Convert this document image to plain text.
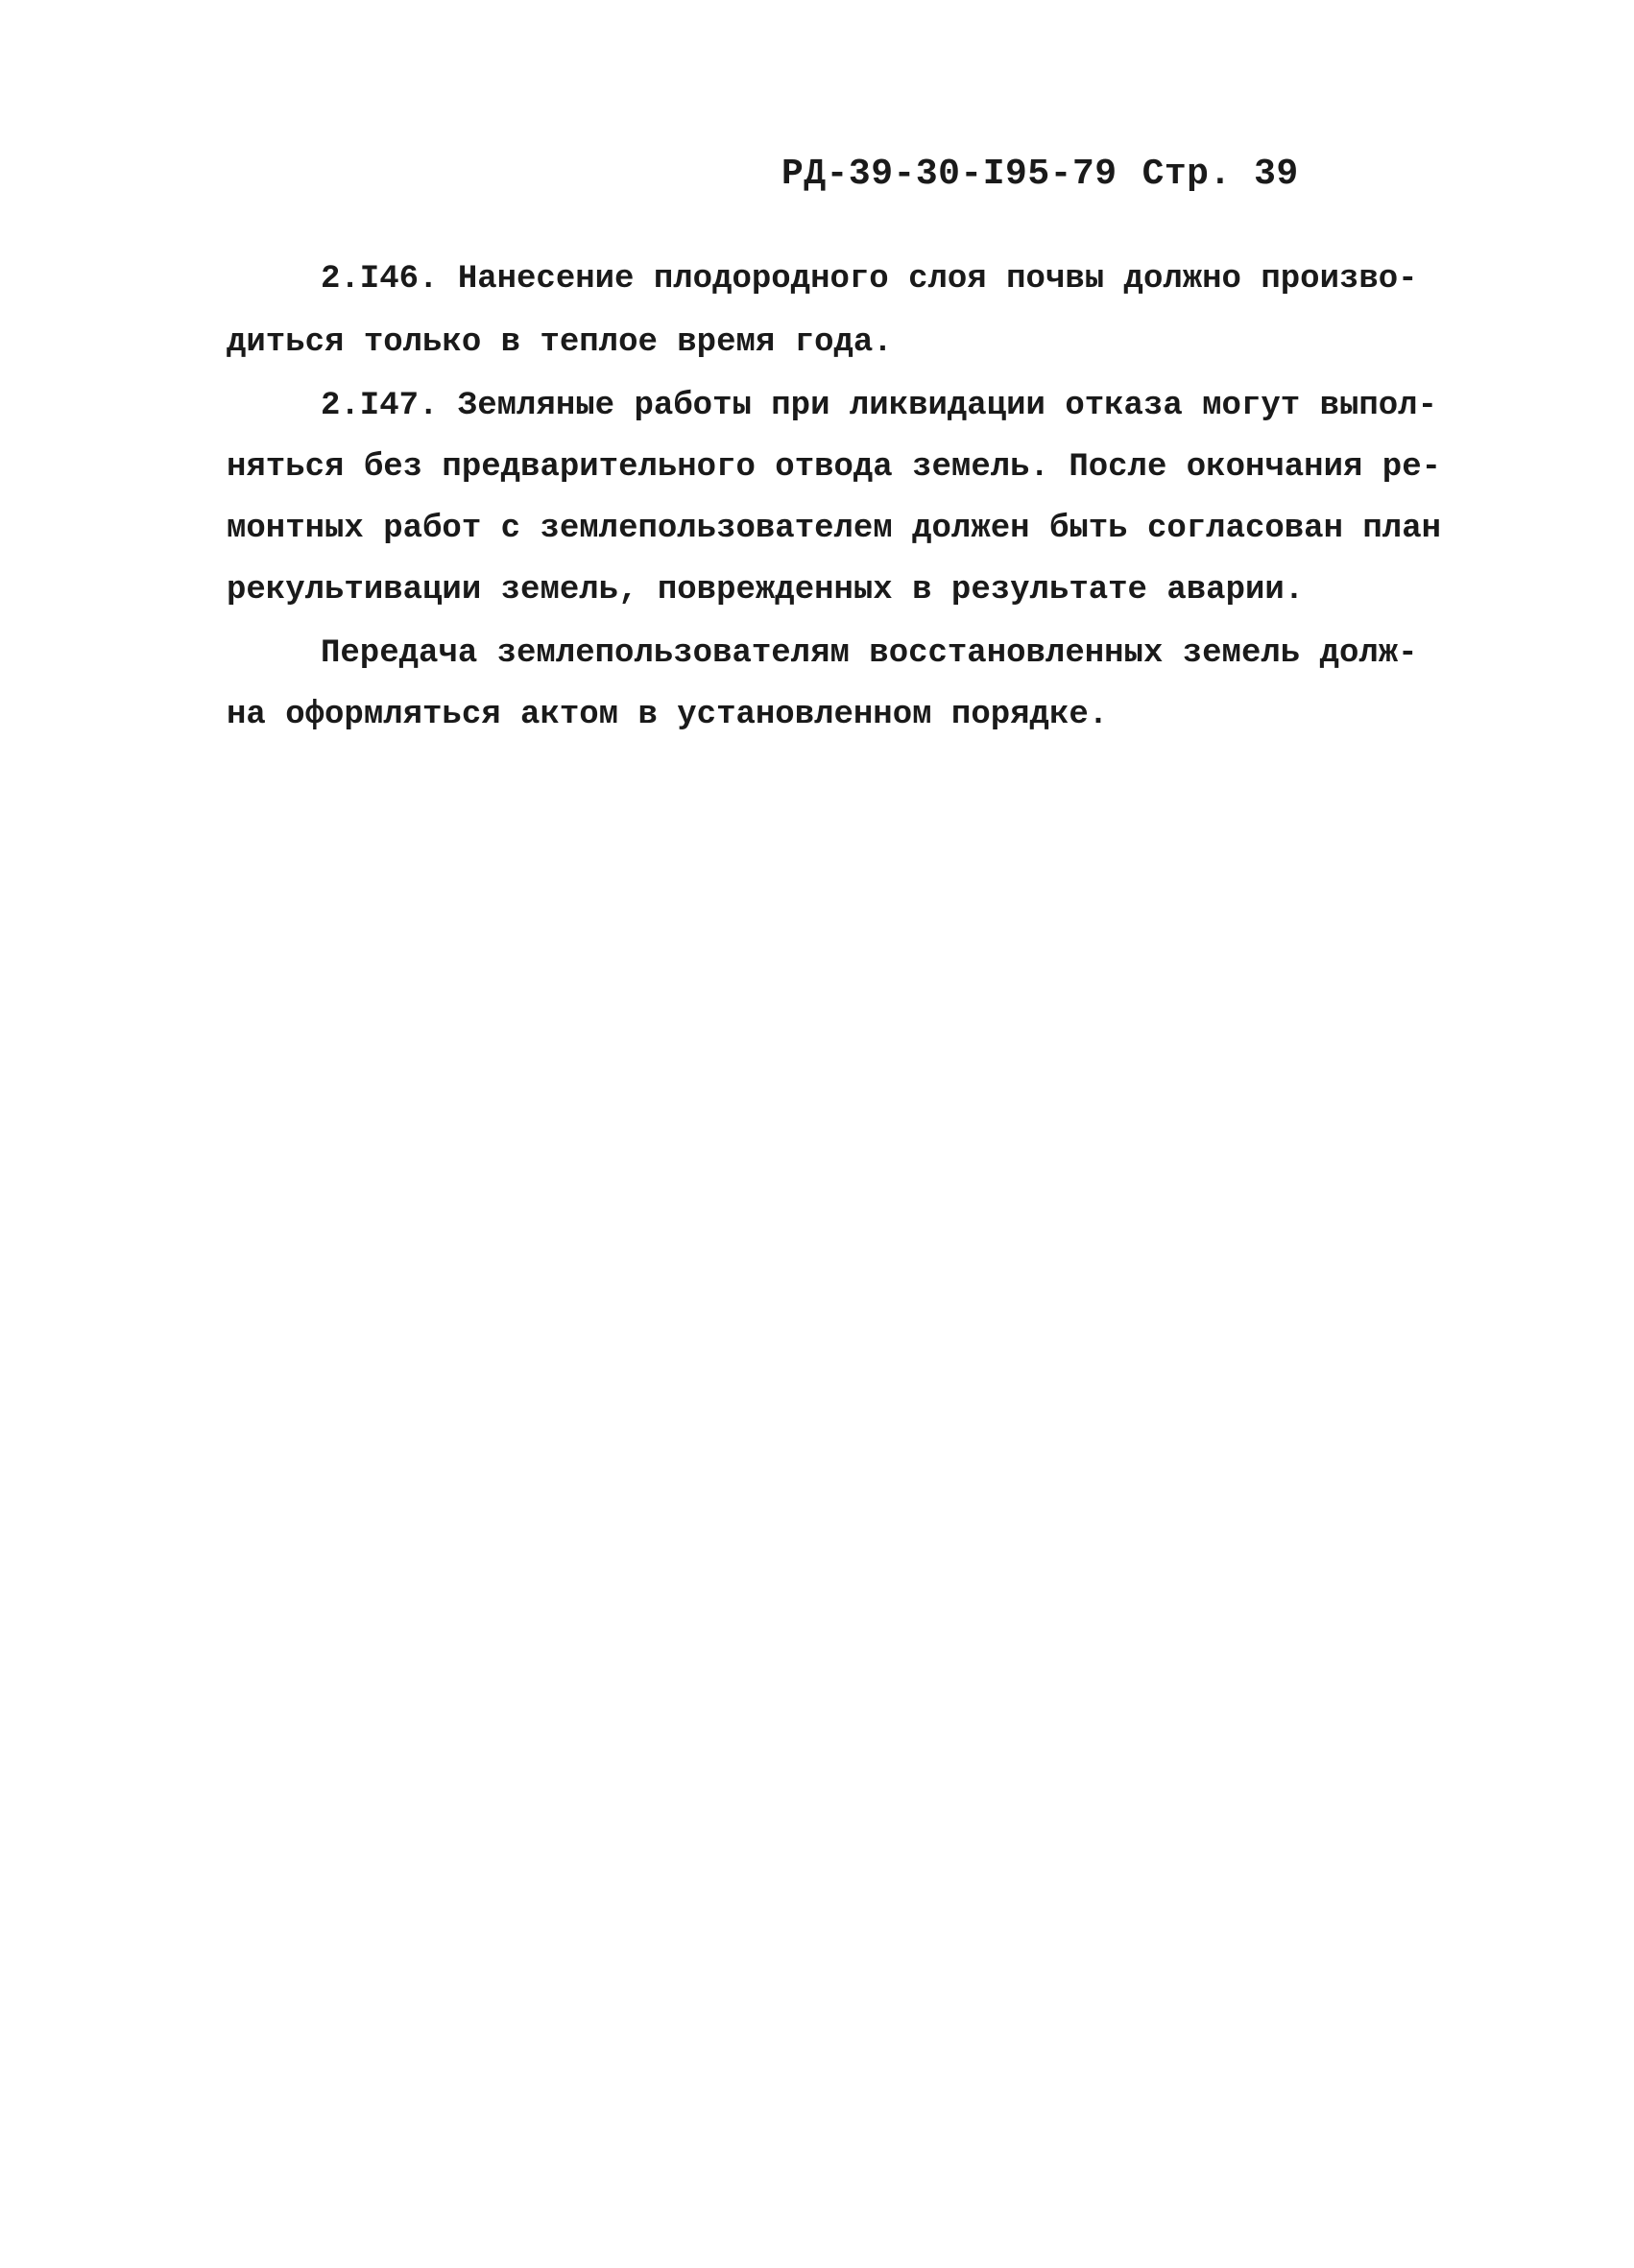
РД-39-30-I95-79 Стр. 39
2.I46. Нанесение плодородного слоя почвы должно произво-
диться только в теплое время года.
2.I47. Земляные работы при ликвидации отказа могут выпол-
няться без предварительного отвода земель. После окончания ре-
монтных работ с землепользователем должен быть согласован план
рекультивации земель, поврежденных в результате аварии.
Передача землепользователям восстановленных земель долж-
на оформляться актом в установленном порядке.
